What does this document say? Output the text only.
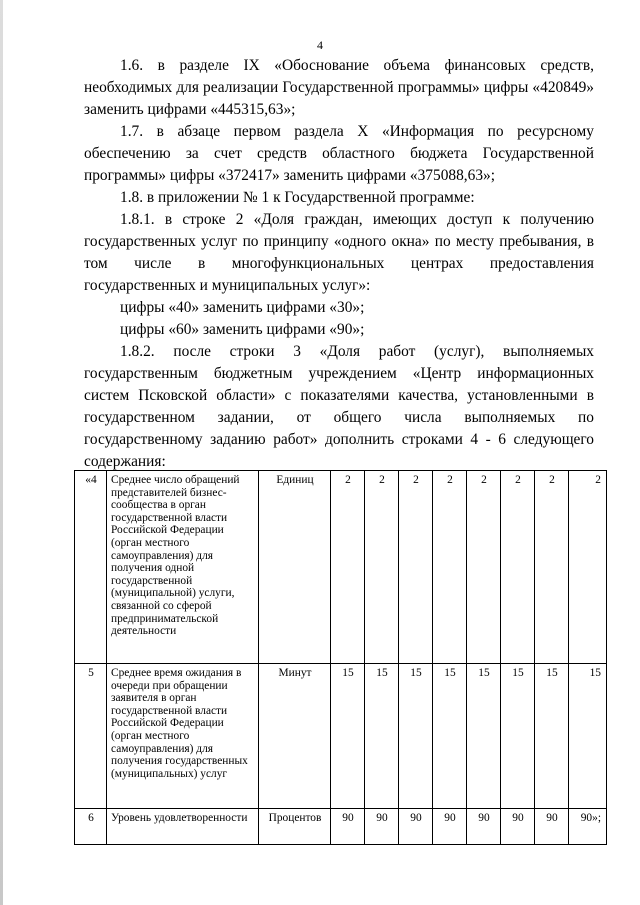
4

1.6. в разделе IX «Обоснование объема финансовых средств, необходимых для реализации Государственной программы» цифры «420849» заменить цифрами «445315,63»;

1.7. в абзаце первом раздела X «Информация по ресурсному обеспечению за счет средств областного бюджета Государственной программы» цифры «372417» заменить цифрами «375088,63»;

1.8. в приложении № 1 к Государственной программе:

1.8.1. в строке 2 «Доля граждан, имеющих доступ к получению государственных услуг по принципу «одного окна» по месту пребывания, в том числе в многофункциональных центрах предоставления государственных и муниципальных услуг»:

цифры «40» заменить цифрами «30»;

цифры «60» заменить цифрами «90»;

1.8.2. после строки 3 «Доля работ (услуг), выполняемых государственным бюджетным учреждением «Центр информационных систем Псковской области» с показателями качества, установленными в государственном задании, от общего числа выполняемых по государственному заданию работ» дополнить строками 4 - 6 следующего содержания:

«4	Среднее число обращений представителей бизнес-сообщества в орган государственной власти Российской Федерации (орган местного самоуправления) для получения одной государственной (муниципальной) услуги, связанной со сферой предпринимательской деятельности	Единиц	2	2	2	2	2	2	2	2
5	Среднее время ожидания в очереди при обращении заявителя в орган государственной власти Российской Федерации (орган местного самоуправления) для получения государственных (муниципальных) услуг	Минут	15	15	15	15	15	15	15	15
6	Уровень удовлетворенности	Процентов	90	90	90	90	90	90	90	90»;
